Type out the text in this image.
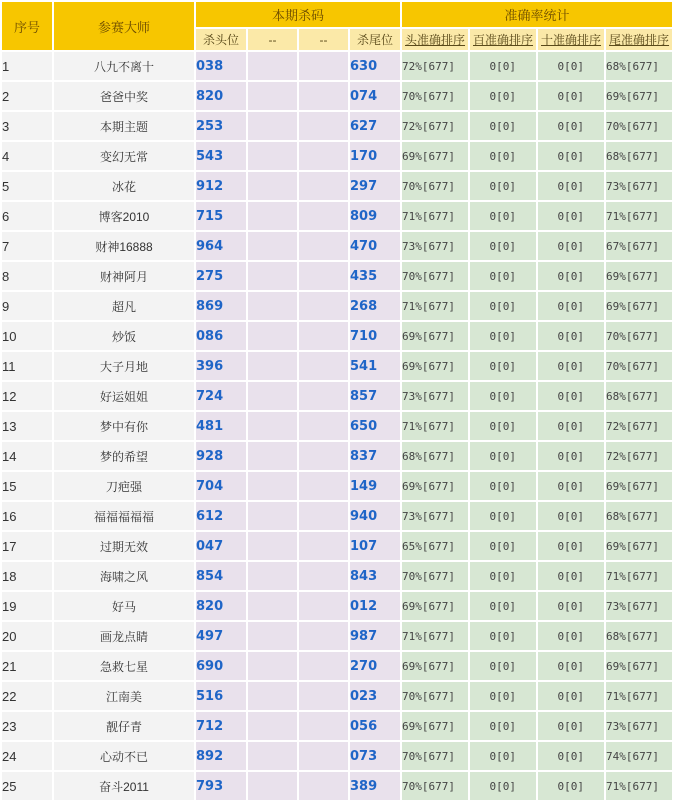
序号	参赛大师	本期杀码				准确率统计			
		杀头位	--	--	杀尾位	头准确排序	百准确排序	十准确排序	尾准确排序
1	八九不离十	038			630	72%[677]	0[0]	0[0]	68%[677]
2	爸爸中奖	820			074	70%[677]	0[0]	0[0]	69%[677]
3	本期主题	253			627	72%[677]	0[0]	0[0]	70%[677]
4	变幻无常	543			170	69%[677]	0[0]	0[0]	68%[677]
5	冰花	912			297	70%[677]	0[0]	0[0]	73%[677]
6	博客2010	715			809	71%[677]	0[0]	0[0]	71%[677]
7	财神16888	964			470	73%[677]	0[0]	0[0]	67%[677]
8	财神阿月	275			435	70%[677]	0[0]	0[0]	69%[677]
9	超凡	869			268	71%[677]	0[0]	0[0]	69%[677]
10	炒饭	086			710	69%[677]	0[0]	0[0]	70%[677]
11	大子月地	396			541	69%[677]	0[0]	0[0]	70%[677]
12	好运姐姐	724			857	73%[677]	0[0]	0[0]	68%[677]
13	梦中有你	481			650	71%[677]	0[0]	0[0]	72%[677]
14	梦的希望	928			837	68%[677]	0[0]	0[0]	72%[677]
15	刀疤强	704			149	69%[677]	0[0]	0[0]	69%[677]
16	福福福福福	612			940	73%[677]	0[0]	0[0]	68%[677]
17	过期无效	047			107	65%[677]	0[0]	0[0]	69%[677]
18	海啸之风	854			843	70%[677]	0[0]	0[0]	71%[677]
19	好马	820			012	69%[677]	0[0]	0[0]	73%[677]
20	画龙点睛	497			987	71%[677]	0[0]	0[0]	68%[677]
21	急救七星	690			270	69%[677]	0[0]	0[0]	69%[677]
22	江南美	516			023	70%[677]	0[0]	0[0]	71%[677]
23	靓仔青	712			056	69%[677]	0[0]	0[0]	73%[677]
24	心动不已	892			073	70%[677]	0[0]	0[0]	74%[677]
25	奋斗2011	793			389	70%[677]	0[0]	0[0]	71%[677]
